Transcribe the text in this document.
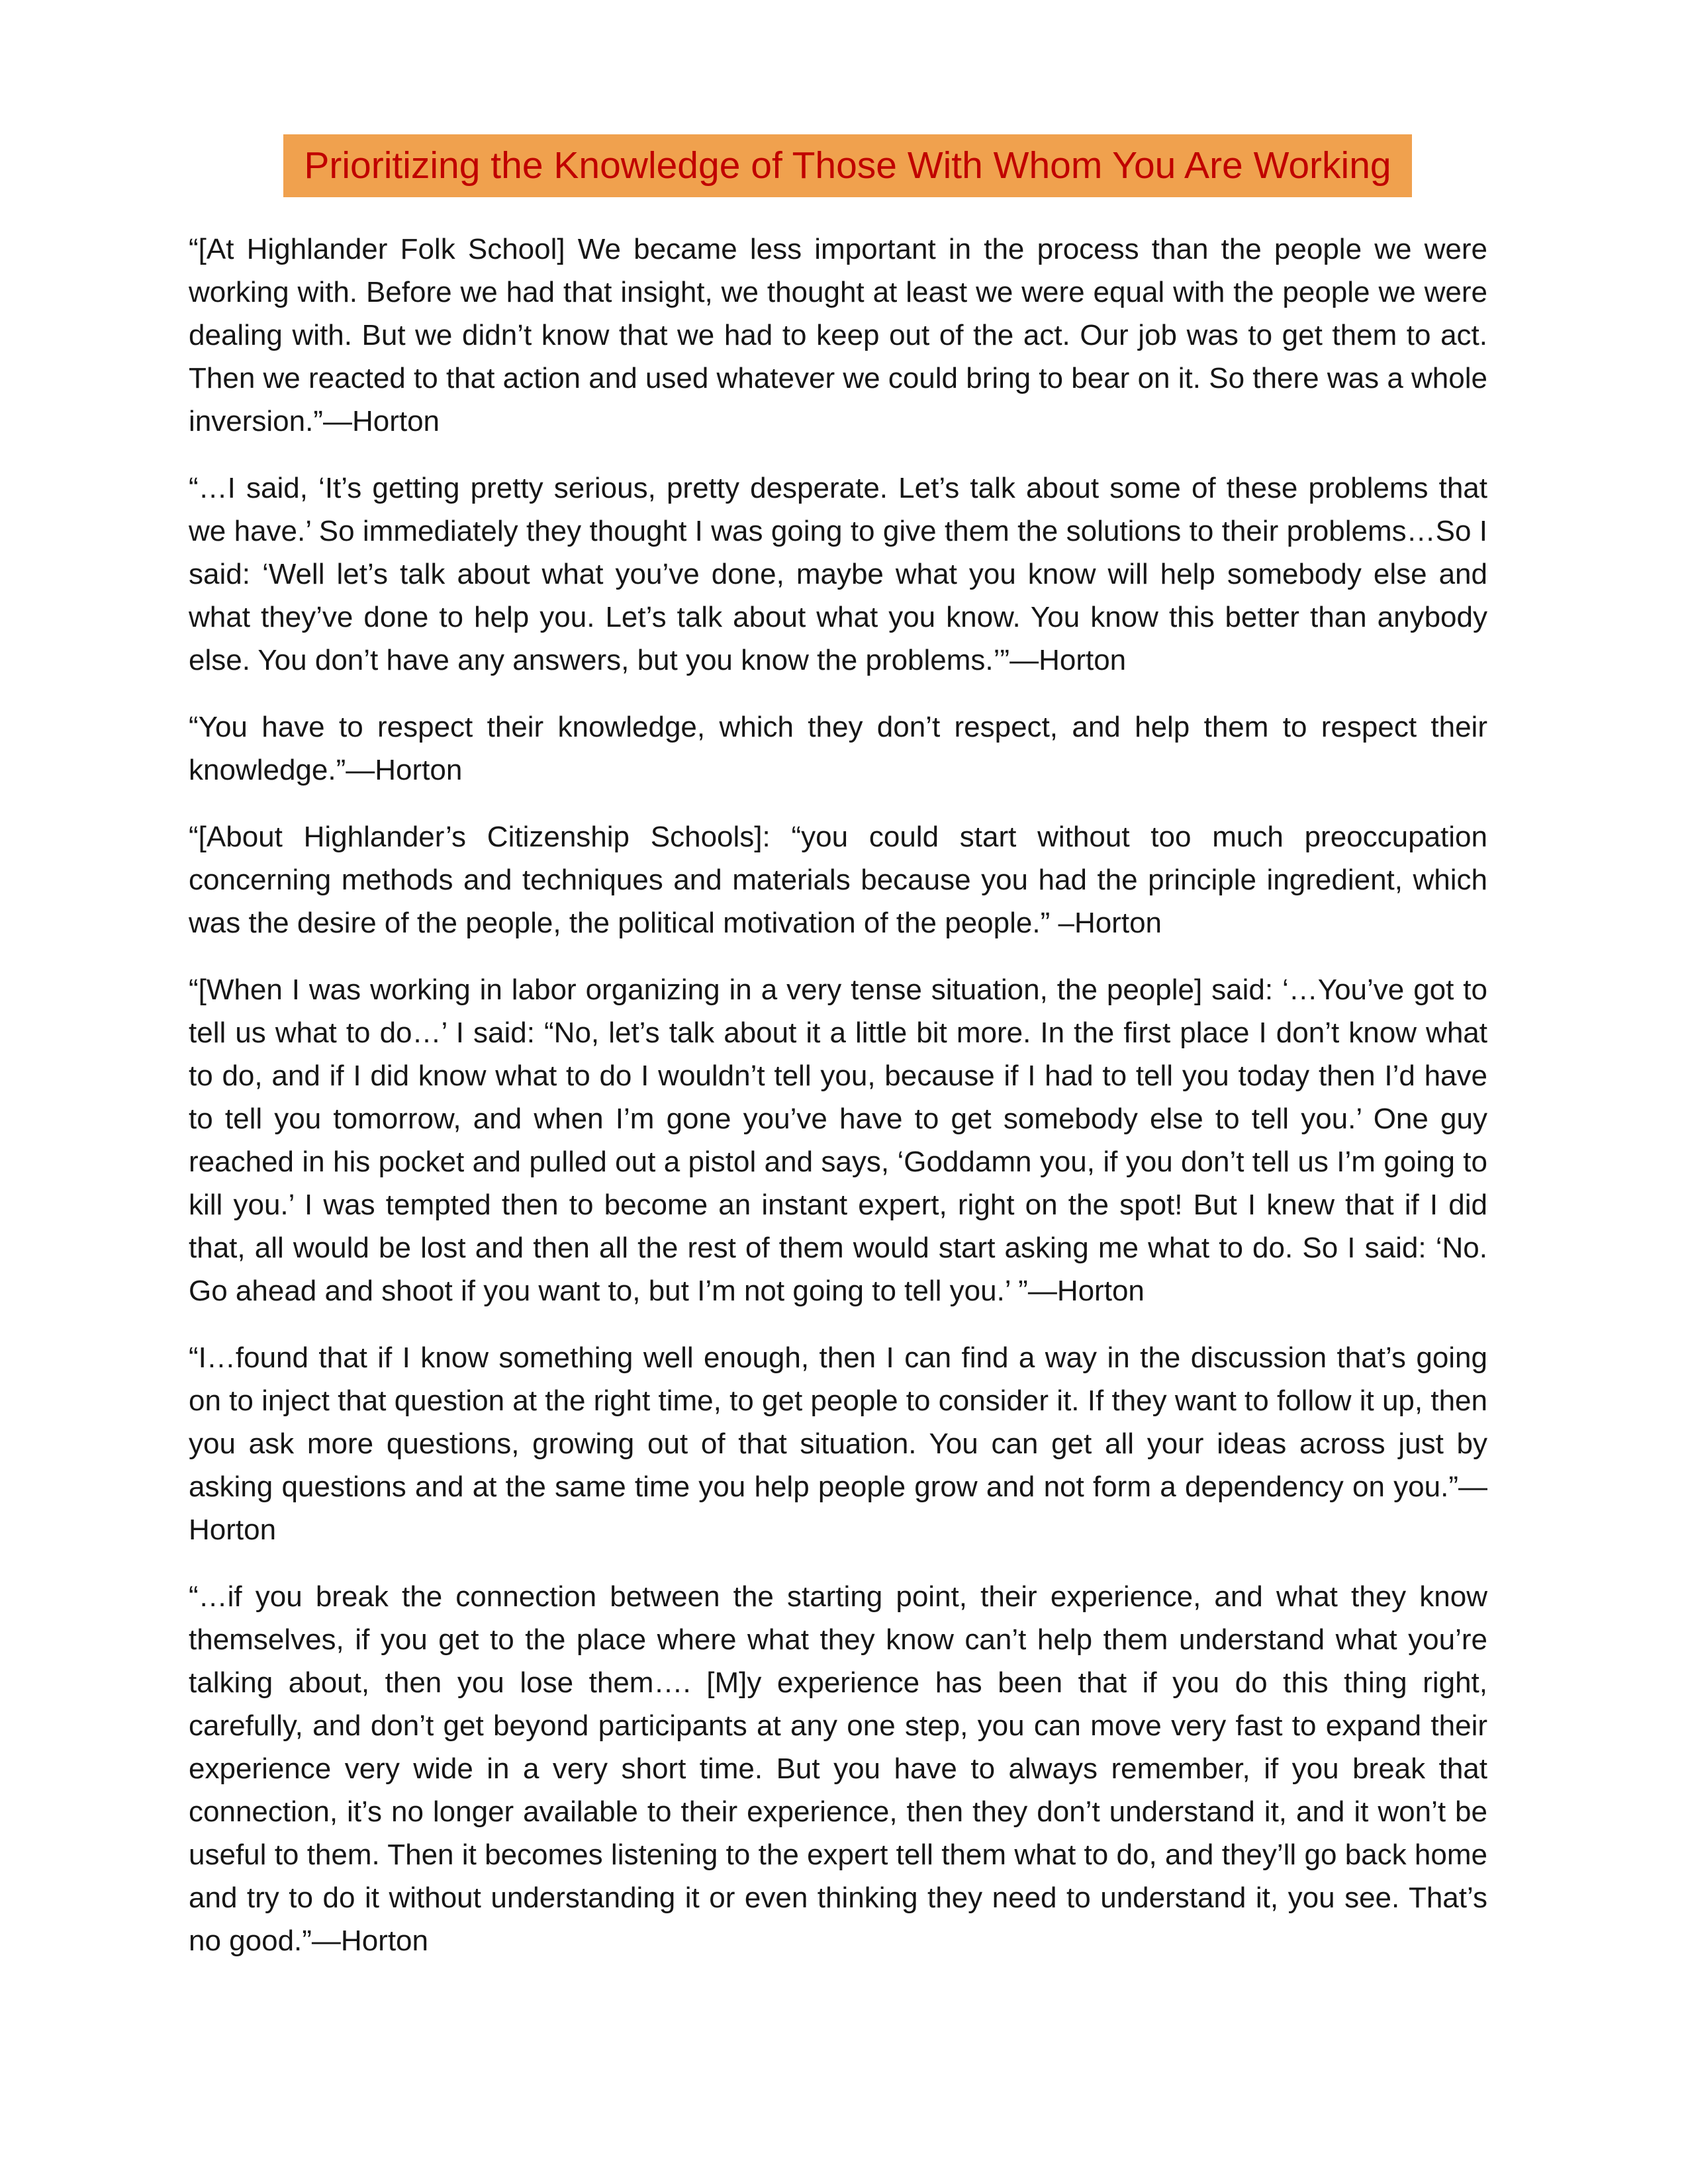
Prioritizing the Knowledge of Those With Whom You Are Working

“[At Highlander Folk School] We became less important in the process than the people we were working with. Before we had that insight, we thought at least we were equal with the people we were dealing with. But we didn’t know that we had to keep out of the act. Our job was to get them to act. Then we reacted to that action and used whatever we could bring to bear on it. So there was a whole inversion.”—Horton

“…I said, ‘It’s getting pretty serious, pretty desperate. Let’s talk about some of these problems that we have.’ So immediately they thought I was going to give them the solutions to their problems…So I said: ‘Well let’s talk about what you’ve done, maybe what you know will help somebody else and what they’ve done to help you. Let’s talk about what you know. You know this better than anybody else. You don’t have any answers, but you know the problems.’”—Horton

“You have to respect their knowledge, which they don’t respect, and help them to respect their knowledge.”—Horton

“[About Highlander’s Citizenship Schools]: “you could start without too much preoccupation concerning methods and techniques and materials because you had the principle ingredient, which was the desire of the people, the political motivation of the people.” –Horton

“[When I was working in labor organizing in a very tense situation, the people] said: ‘…You’ve got to tell us what to do…’ I said: “No, let’s talk about it a little bit more. In the first place I don’t know what to do, and if I did know what to do I wouldn’t tell you, because if I had to tell you today then I’d have to tell you tomorrow, and when I’m gone you’ve have to get somebody else to tell you.’ One guy reached in his pocket and pulled out a pistol and says, ‘Goddamn you, if you don’t tell us I’m going to kill you.’ I was tempted then to become an instant expert, right on the spot! But I knew that if I did that, all would be lost and then all the rest of them would start asking me what to do. So I said: ‘No. Go ahead and shoot if you want to, but I’m not going to tell you.’ ”—Horton

“I…found that if I know something well enough, then I can find a way in the discussion that’s going on to inject that question at the right time, to get people to consider it. If they want to follow it up, then you ask more questions, growing out of that situation. You can get all your ideas across just by asking questions and at the same time you help people grow and not form a dependency on you.”—Horton

“…if you break the connection between the starting point, their experience, and what they know themselves, if you get to the place where what they know can’t help them understand what you’re talking about, then you lose them…. [M]y experience has been that if you do this thing right, carefully, and don’t get beyond participants at any one step, you can move very fast to expand their experience very wide in a very short time. But you have to always remember, if you break that connection, it’s no longer available to their experience, then they don’t understand it, and it won’t be useful to them. Then it becomes listening to the expert tell them what to do, and they’ll go back home and try to do it without understanding it or even thinking they need to understand it, you see. That’s no good.”—Horton
